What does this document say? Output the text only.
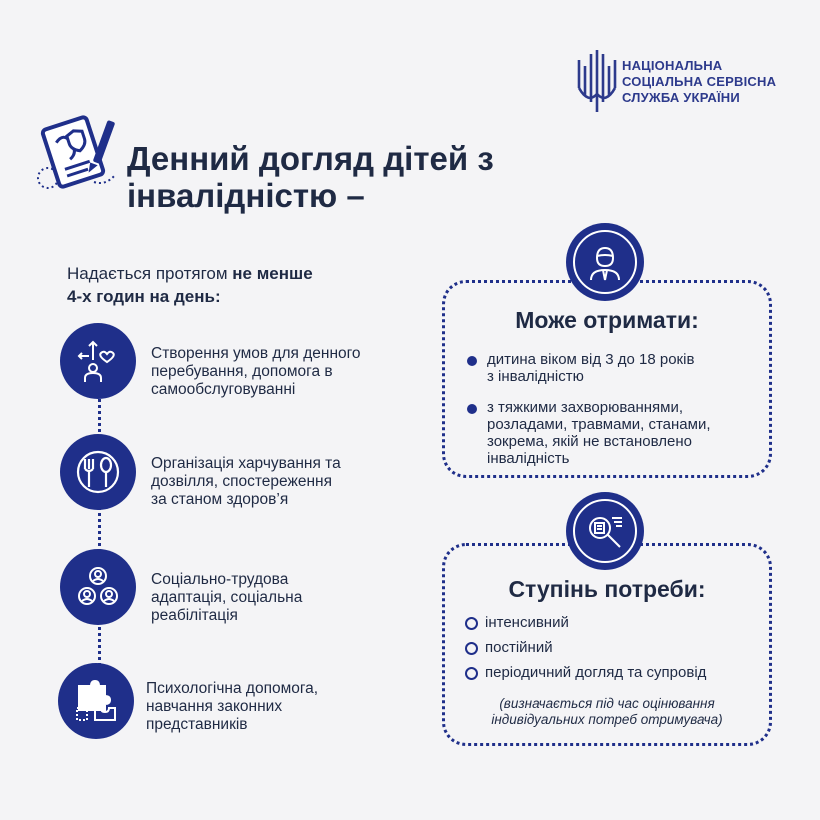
НАЦІОНАЛЬНА
СОЦІАЛЬНА СЕРВІСНА
СЛУЖБА УКРАЇНИ
Денний догляд дітей з
інвалідністю –
Надається протягом не менше
4-х годин на день:
Створення умов для денного
перебування, допомога в
самообслуговуванні
Організація харчування та
дозвілля, спостереження
за станом здоров’я
Соціально-трудова
адаптація, соціальна
реабілітація
Психологічна допомога,
навчання законних
представників
Може отримати:
дитина віком від 3 до 18 років
з інвалідністю
з тяжкими захворюваннями,
розладами, травмами, станами,
зокрема, якій не встановлено
інвалідність
Ступінь потреби:
інтенсивний
постійний
періодичний догляд та супровід
(визначається під час оцінювання
індивідуальних потреб отримувача)
